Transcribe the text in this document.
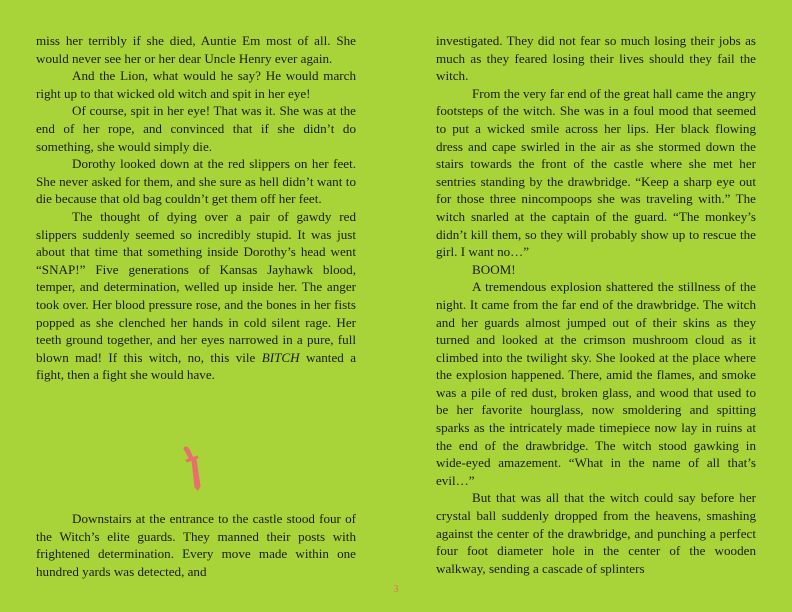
miss her terribly if she died, Auntie Em most of all. She would never see her or her dear Uncle Henry ever again.

And the Lion, what would he say? He would march right up to that wicked old witch and spit in her eye!

Of course, spit in her eye! That was it. She was at the end of her rope, and convinced that if she didn’t do something, she would simply die.

Dorothy looked down at the red slippers on her feet. She never asked for them, and she sure as hell didn’t want to die because that old bag couldn’t get them off her feet.

The thought of dying over a pair of gawdy red slippers suddenly seemed so incredibly stupid. It was just about that time that something inside Dorothy’s head went “SNAP!” Five generations of Kansas Jayhawk blood, temper, and determination, welled up inside her. The anger took over. Her blood pressure rose, and the bones in her fists popped as she clenched her hands in cold silent rage. Her teeth ground together, and her eyes narrowed in a pure, full blown mad! If this witch, no, this vile BITCH wanted a fight, then a fight she would have.

Downstairs at the entrance to the castle stood four of the Witch’s elite guards. They manned their posts with frightened determination. Every move made within one hundred yards was detected, and

investigated. They did not fear so much losing their jobs as much as they feared losing their lives should they fail the witch.

From the very far end of the great hall came the angry footsteps of the witch. She was in a foul mood that seemed to put a wicked smile across her lips. Her black flowing dress and cape swirled in the air as she stormed down the stairs towards the front of the castle where she met her sentries standing by the drawbridge. “Keep a sharp eye out for those three nincompoops she was traveling with.” The witch snarled at the captain of the guard. “The monkey’s didn’t kill them, so they will probably show up to rescue the girl. I want no…”

BOOM!

A tremendous explosion shattered the stillness of the night. It came from the far end of the drawbridge. The witch and her guards almost jumped out of their skins as they turned and looked at the crimson mushroom cloud as it climbed into the twilight sky. She looked at the place where the explosion happened. There, amid the flames, and smoke was a pile of red dust, broken glass, and wood that used to be her favorite hourglass, now smoldering and spitting sparks as the intricately made timepiece now lay in ruins at the end of the drawbridge. The witch stood gawking in wide-eyed amazement. “What in the name of all that’s evil…”

But that was all that the witch could say before her crystal ball suddenly dropped from the heavens, smashing against the center of the drawbridge, and punching a perfect four foot diameter hole in the center of the wooden walkway, sending a cascade of splinters

3
